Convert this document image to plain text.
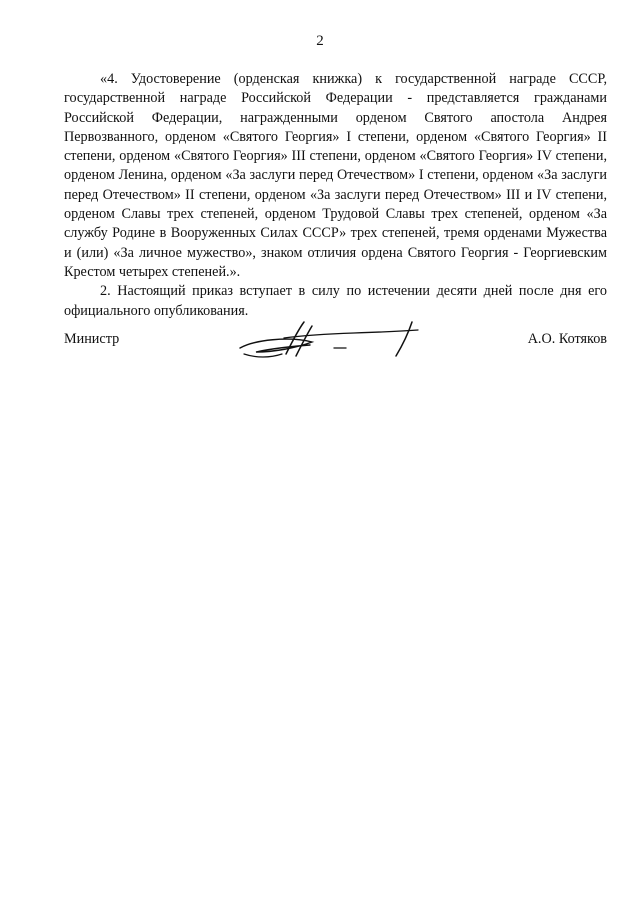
2

«4. Удостоверение (орденская книжка) к государственной награде СССР, государственной награде Российской Федерации - представляется гражданами Российской Федерации, награжденными орденом Святого апостола Андрея Первозванного, орденом «Святого Георгия» I степени, орденом «Святого Георгия» II степени, орденом «Святого Георгия» III степени, орденом «Святого Георгия» IV степени, орденом Ленина, орденом «За заслуги перед Отечеством» I степени, орденом «За заслуги перед Отечеством» II степени, орденом «За заслуги перед Отечеством» III и IV степени, орденом Славы трех степеней, орденом Трудовой Славы трех степеней, орденом «За службу Родине в Вооруженных Силах СССР» трех степеней, тремя орденами Мужества и (или) «За личное мужество», знаком отличия ордена Святого Георгия - Георгиевским Крестом четырех степеней.».

2. Настоящий приказ вступает в силу по истечении десяти дней после дня его официального опубликования.

Министр	А.О. Котяков
